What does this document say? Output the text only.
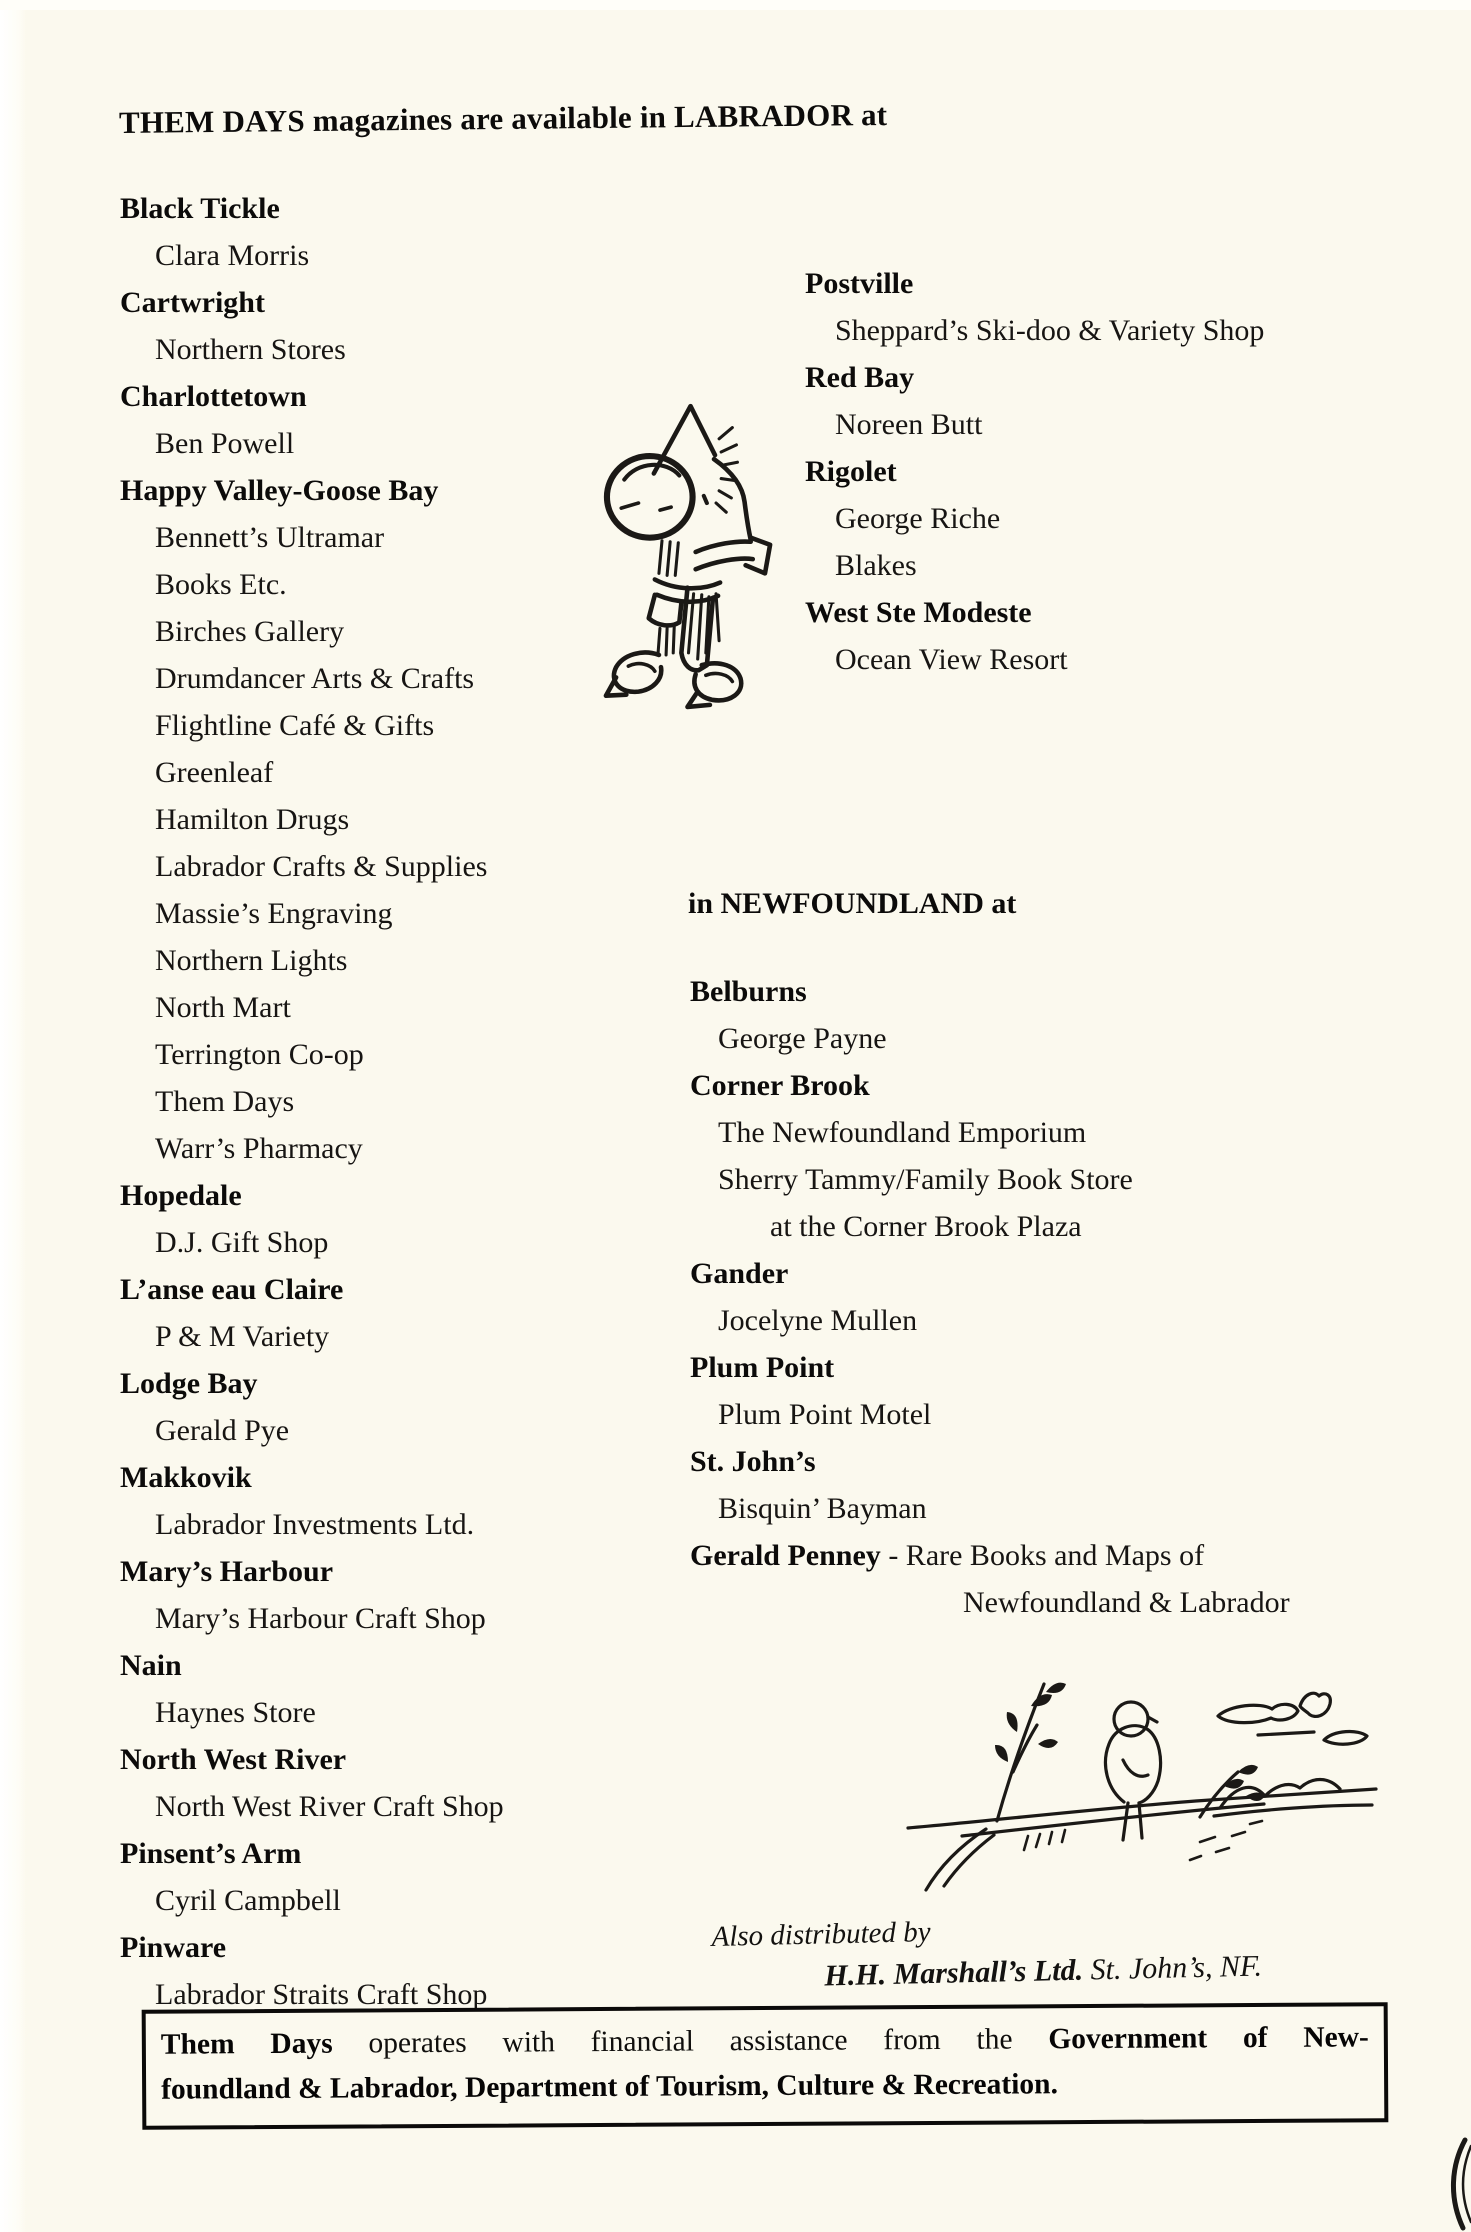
THEM DAYS magazines are available in LABRADOR at
Black Tickle
Clara Morris
Cartwright
Northern Stores
Charlottetown
Ben Powell
Happy Valley-Goose Bay
Bennett’s Ultramar
Books Etc.
Birches Gallery
Drumdancer Arts & Crafts
Flightline Café & Gifts
Greenleaf
Hamilton Drugs
Labrador Crafts & Supplies
Massie’s Engraving
Northern Lights
North Mart
Terrington Co-op
Them Days
Warr’s Pharmacy
Hopedale
D.J. Gift Shop
L’anse eau Claire
P & M Variety
Lodge Bay
Gerald Pye
Makkovik
Labrador Investments Ltd.
Mary’s Harbour
Mary’s Harbour Craft Shop
Nain
Haynes Store
North West River
North West River Craft Shop
Pinsent’s Arm
Cyril Campbell
Pinware
Labrador Straits Craft Shop
Postville
Sheppard’s Ski-doo & Variety Shop
Red Bay
Noreen Butt
Rigolet
George Riche
Blakes
West Ste Modeste
Ocean View Resort
in NEWFOUNDLAND at
Belburns
George Payne
Corner Brook
The Newfoundland Emporium
Sherry Tammy/Family Book Store
at the Corner Brook Plaza
Gander
Jocelyne Mullen
Plum Point
Plum Point Motel
St. John’s
Bisquin’ Bayman
Gerald Penney - Rare Books and Maps of
Newfoundland & Labrador
Also distributed by
H.H. Marshall’s Ltd. St. John’s, NF.
Them Days operates with financial assistance from the Government of New-
foundland & Labrador, Department of Tourism, Culture & Recreation.
